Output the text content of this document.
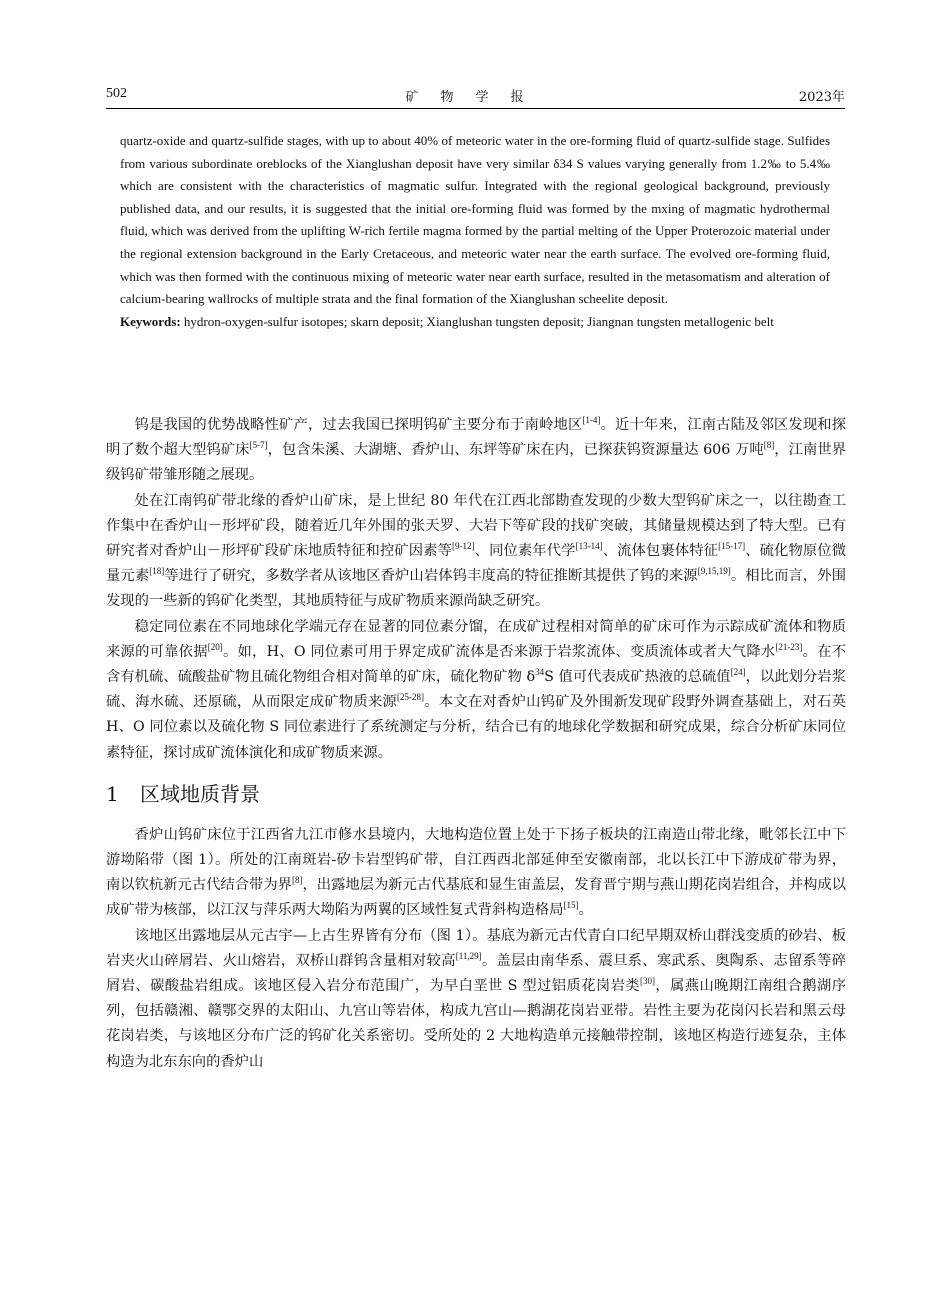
502	矿物学报	2023年

quartz-oxide and quartz-sulfide stages, with up to about 40% of meteoric water in the ore-forming fluid of quartz-sulfide stage. Sulfides from various subordinate oreblocks of the Xianglushan deposit have very similar δ34 S values varying generally from 1.2‰ to 5.4‰ which are consistent with the characteristics of magmatic sulfur. Integrated with the regional geological background, previously published data, and our results, it is suggested that the initial ore-forming fluid was formed by the mxing of magmatic hydrothermal fluid, which was derived from the uplifting W-rich fertile magma formed by the partial melting of the Upper Proterozoic material under the regional extension background in the Early Cretaceous, and meteoric water near the earth surface. The evolved ore-forming fluid, which was then formed with the continuous mixing of meteoric water near earth surface, resulted in the metasomatism and alteration of calcium-bearing wallrocks of multiple strata and the final formation of the Xianglushan scheelite deposit.

Keywords: hydron-oxygen-sulfur isotopes; skarn deposit; Xianglushan tungsten deposit; Jiangnan tungsten metallogenic belt

钨是我国的优势战略性矿产，过去我国已探明钨矿主要分布于南岭地区[1-4]。近十年来，江南古陆及邻区发现和探明了数个超大型钨矿床[5-7]，包含朱溪、大湖塘、香炉山、东坪等矿床在内，已探获钨资源量达 606 万吨[8]，江南世界级钨矿带雏形随之展现。

处在江南钨矿带北缘的香炉山矿床，是上世纪 80 年代在江西北部勘查发现的少数大型钨矿床之一，以往勘查工作集中在香炉山－形坪矿段，随着近几年外围的张天罗、大岩下等矿段的找矿突破，其储量规模达到了特大型。已有研究者对香炉山－形坪矿段矿床地质特征和控矿因素等[9-12]、同位素年代学[13-14]、流体包裹体特征[15-17]、硫化物原位微量元素[18]等进行了研究，多数学者从该地区香炉山岩体钨丰度高的特征推断其提供了钨的来源[9,15,19]。相比而言，外围发现的一些新的钨矿化类型，其地质特征与成矿物质来源尚缺乏研究。

稳定同位素在不同地球化学端元存在显著的同位素分馏，在成矿过程相对简单的矿床可作为示踪成矿流体和物质来源的可靠依据[20]。如，H、O 同位素可用于界定成矿流体是否来源于岩浆流体、变质流体或者大气降水[21-23]。在不含有机硫、硫酸盐矿物且硫化物组合相对简单的矿床，硫化物矿物 $\delta^{34}S$ 值可代表成矿热液的总硫值[24]，以此划分岩浆硫、海水硫、还原硫，从而限定成矿物质来源[25-28]。本文在对香炉山钨矿及外围新发现矿段野外调查基础上，对石英 H、O 同位素以及硫化物 S 同位素进行了系统测定与分析，结合已有的地球化学数据和研究成果，综合分析矿床同位素特征，探讨成矿流体演化和成矿物质来源。

1 区域地质背景

香炉山钨矿床位于江西省九江市修水县境内，大地构造位置上处于下扬子板块的江南造山带北缘，毗邻长江中下游坳陷带（图 1）。所处的江南斑岩-矽卡岩型钨矿带，自江西西北部延伸至安徽南部，北以长江中下游成矿带为界，南以钦杭新元古代结合带为界[8]，出露地层为新元古代基底和显生宙盖层，发育晋宁期与燕山期花岗岩组合，并构成以成矿带为核部，以江汉与萍乐两大坳陷为两翼的区域性复式背斜构造格局[15]。

该地区出露地层从元古宇—上古生界皆有分布（图 1）。基底为新元古代青白口纪早期双桥山群浅变质的砂岩、板岩夹火山碎屑岩、火山熔岩，双桥山群钨含量相对较高[11,29]。盖层由南华系、震旦系、寒武系、奥陶系、志留系等碎屑岩、碳酸盐岩组成。该地区侵入岩分布范围广，为早白垩世 S 型过铝质花岗岩类[30]，属燕山晚期江南组合鹅湖序列，包括赣湘、赣鄂交界的太阳山、九宫山等岩体，构成九宫山—鹅湖花岗岩亚带。岩性主要为花岗闪长岩和黑云母花岗岩类，与该地区分布广泛的钨矿化关系密切。受所处的 2 大地构造单元接触带控制，该地区构造行迹复杂，主体构造为北东东向的香炉山
